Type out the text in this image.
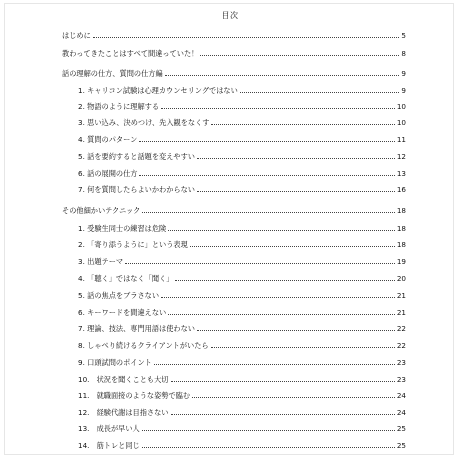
目次
はじめに	5
教わってきたことはすべて間違っていた！	8
話の理解の仕方、質問の仕方編	9
1. キャリコン試験は心理カウンセリングではない	9
2. 物語のように理解する	10
3. 思い込み、決めつけ、先入観をなくす	10
4. 質問のパターン	11
5. 話を要約すると話題を変えやすい	12
6. 話の展開の仕方	13
7. 何を質問したらよいかわからない	16
その他細かいテクニック	18
1. 受験生同士の練習は危険	18
2. 「寄り添うように」という表現	18
3. 出題テーマ	19
4. 「聴く」ではなく「聞く」	20
5. 話の焦点をブラさない	21
6. キーワードを間違えない	21
7. 理論、技法、専門用語は使わない	22
8. しゃべり続けるクライアントがいたら	22
9. 口頭試問のポイント	23
10.　状況を聞くことも大切	23
11.　就職面接のような姿勢で臨む	24
12.　経験代謝は目指さない	24
13.　成長が早い人	25
14.　筋トレと同じ	25
